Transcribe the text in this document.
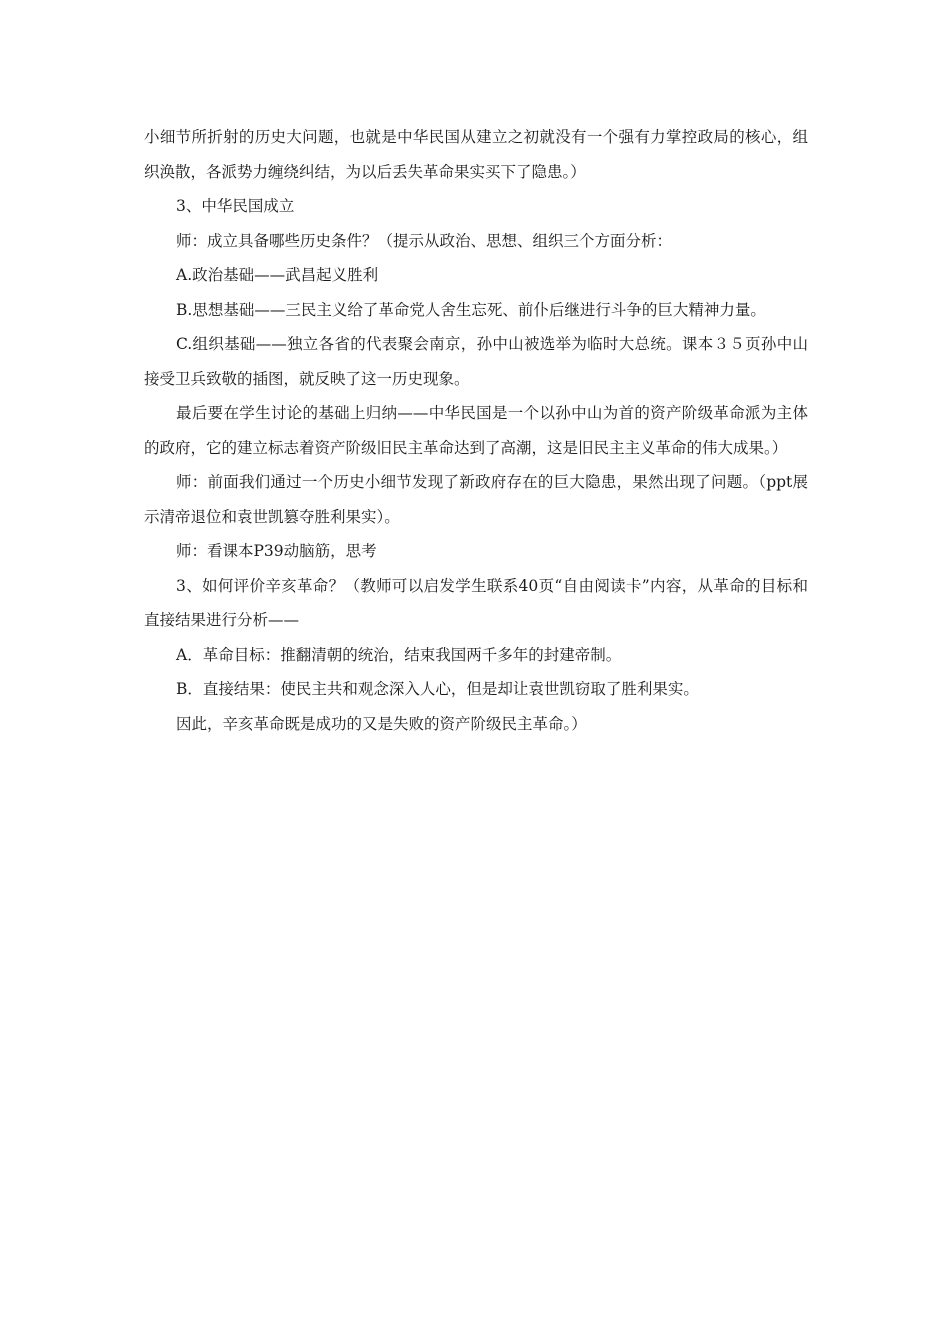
小细节所折射的历史大问题，也就是中华民国从建立之初就没有一个强有力掌控政局的核心，组织涣散，各派势力缠绕纠结，为以后丢失革命果实买下了隐患。）

3、中华民国成立

师：成立具备哪些历史条件？（提示从政治、思想、组织三个方面分析：

A.政治基础——武昌起义胜利

B.思想基础——三民主义给了革命党人舍生忘死、前仆后继进行斗争的巨大精神力量。

C.组织基础——独立各省的代表聚会南京，孙中山被选举为临时大总统。课本３５页孙中山接受卫兵致敬的插图，就反映了这一历史现象。

最后要在学生讨论的基础上归纳——中华民国是一个以孙中山为首的资产阶级革命派为主体的政府，它的建立标志着资产阶级旧民主革命达到了高潮，这是旧民主主义革命的伟大成果。）

师：前面我们通过一个历史小细节发现了新政府存在的巨大隐患，果然出现了问题。（ppt展示清帝退位和袁世凯篡夺胜利果实）。

师：看课本P39动脑筋，思考

3、如何评价辛亥革命？（教师可以启发学生联系40页“自由阅读卡”内容，从革命的目标和直接结果进行分析——

A．革命目标：推翻清朝的统治，结束我国两千多年的封建帝制。

B．直接结果：使民主共和观念深入人心，但是却让袁世凯窃取了胜利果实。

因此，辛亥革命既是成功的又是失败的资产阶级民主革命。）
